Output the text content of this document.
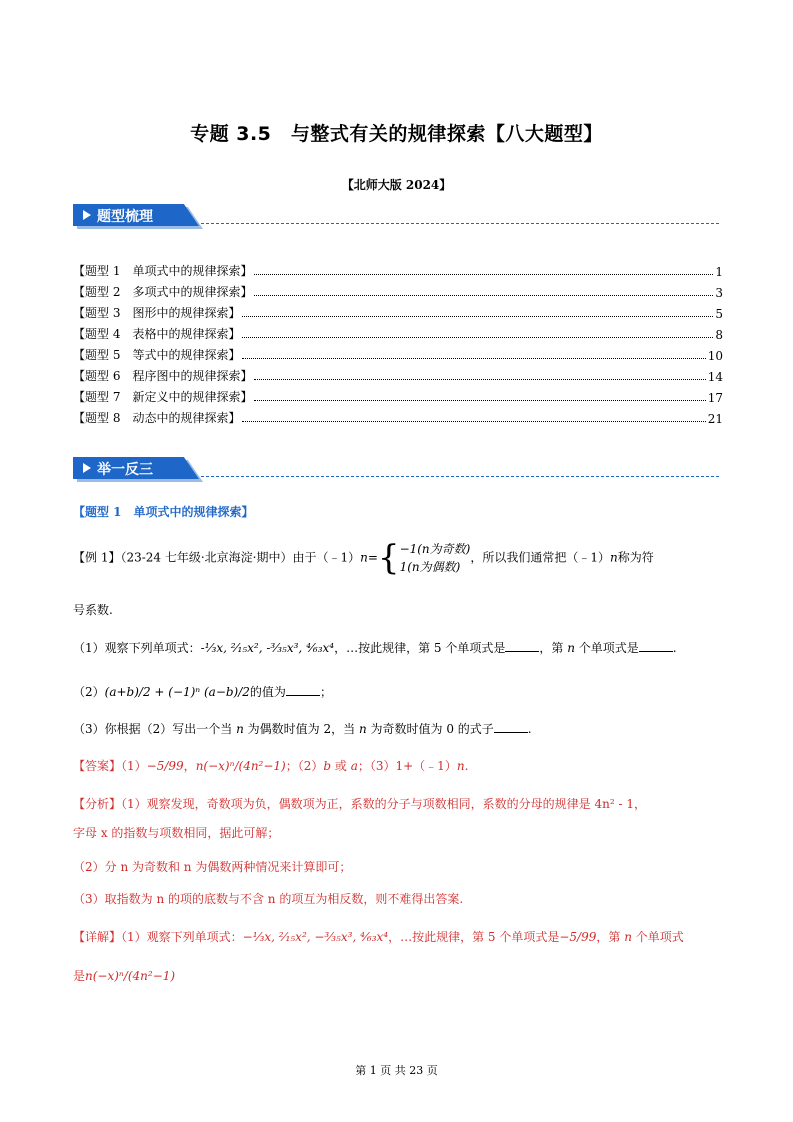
专题 3.5　与整式有关的规律探索【八大题型】
【北师大版 2024】
题型梳理
【题型 1　单项式中的规律探索】	1
【题型 2　多项式中的规律探索】	3
【题型 3　图形中的规律探索】	5
【题型 4　表格中的规律探索】	8
【题型 5　等式中的规律探索】	10
【题型 6　程序图中的规律探索】	14
【题型 7　新定义中的规律探索】	17
【题型 8　动态中的规律探索】	21
举一反三
【题型 1　单项式中的规律探索】
【例 1】（23-24 七年级·北京海淀·期中）由于（﹣1）n={ −1(n为奇数)
1(n为偶数)
，所以我们通常把（﹣1）n称为符
号系数.
（1）观察下列单项式：-⅓x, ²⁄₁₅x², -³⁄₃₅x³, ⁴⁄₆₃x⁴，…按此规律，第 5 个单项式是	，第 n 个单项式是	.
（2）(a+b)/2 + (−1)ⁿ (a−b)/2的值为	；
（3）你根据（2）写出一个当 n 为偶数时值为 2，当 n 为奇数时值为 0 的式子	.
【答案】（1）−5/99，n(−x)ⁿ/(4n²−1)；（2）b 或 a；（3）1+（﹣1）n.
【分析】（1）观察发现，奇数项为负，偶数项为正，系数的分子与项数相同，系数的分母的规律是 4n² - 1，
字母 x 的指数与项数相同，据此可解；
（2）分 n 为奇数和 n 为偶数两种情况来计算即可；
（3）取指数为 n 的项的底数与不含 n 的项互为相反数，则不难得出答案.
【详解】（1）观察下列单项式：−⅓x, ²⁄₁₅x², −³⁄₃₅x³, ⁴⁄₆₃x⁴，…按此规律，第 5 个单项式是−5/99，第 n 个单项式
是n(−x)ⁿ/(4n²−1)
第 1 页 共 23 页
